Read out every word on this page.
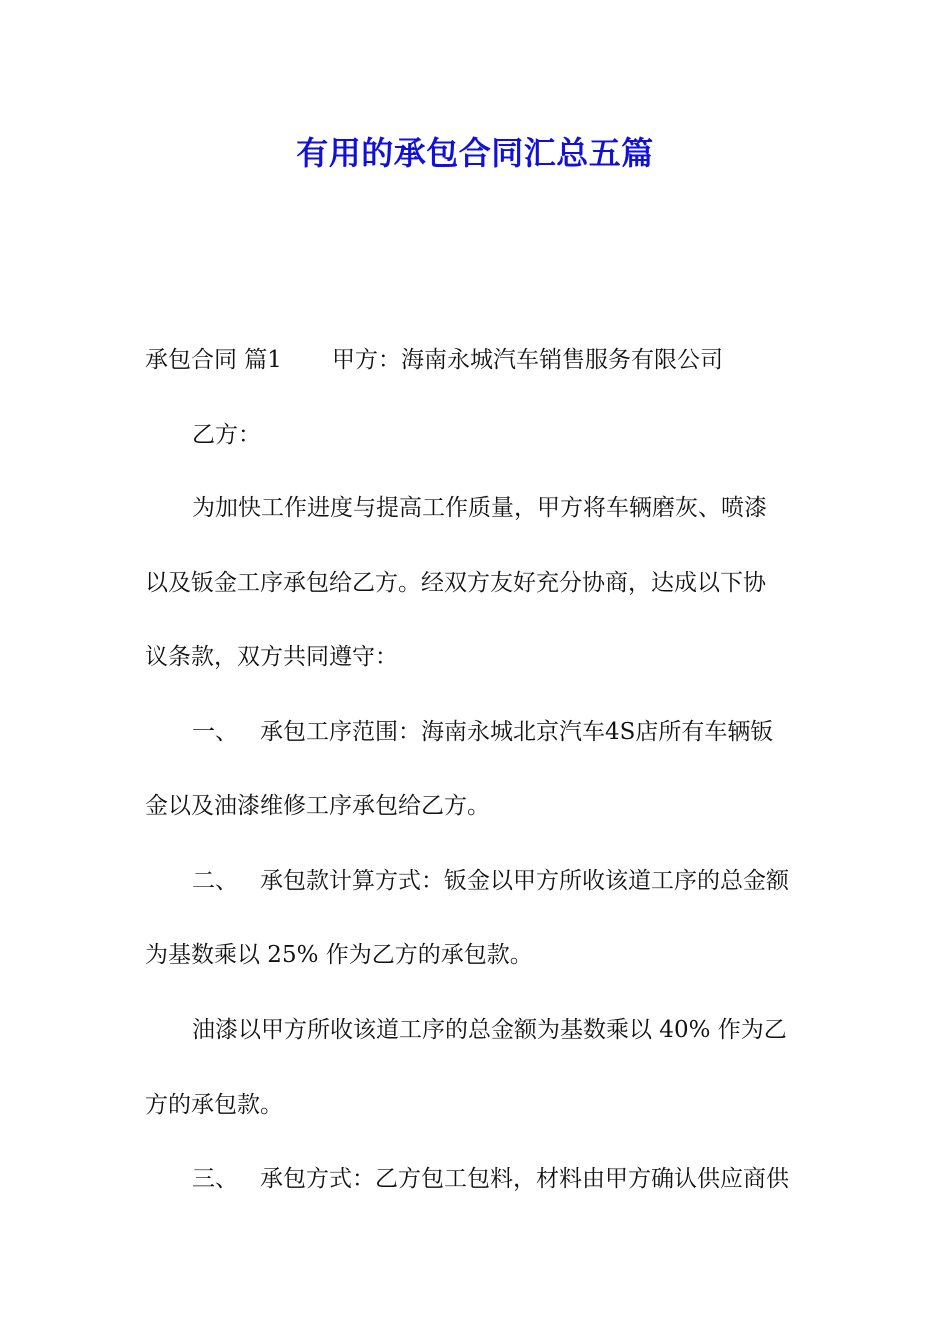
有用的承包合同汇总五篇
承包合同 篇1 甲方：海南永城汽车销售服务有限公司
乙方：
为加快工作进度与提高工作质量，甲方将车辆磨灰、喷漆
以及钣金工序承包给乙方。经双方友好充分协商，达成以下协
议条款，双方共同遵守：
一、 承包工序范围：海南永城北京汽车4S店所有车辆钣
金以及油漆维修工序承包给乙方。
二、 承包款计算方式：钣金以甲方所收该道工序的总金额
为基数乘以 25% 作为乙方的承包款。
油漆以甲方所收该道工序的总金额为基数乘以 40% 作为乙
方的承包款。
三、 承包方式：乙方包工包料，材料由甲方确认供应商供
